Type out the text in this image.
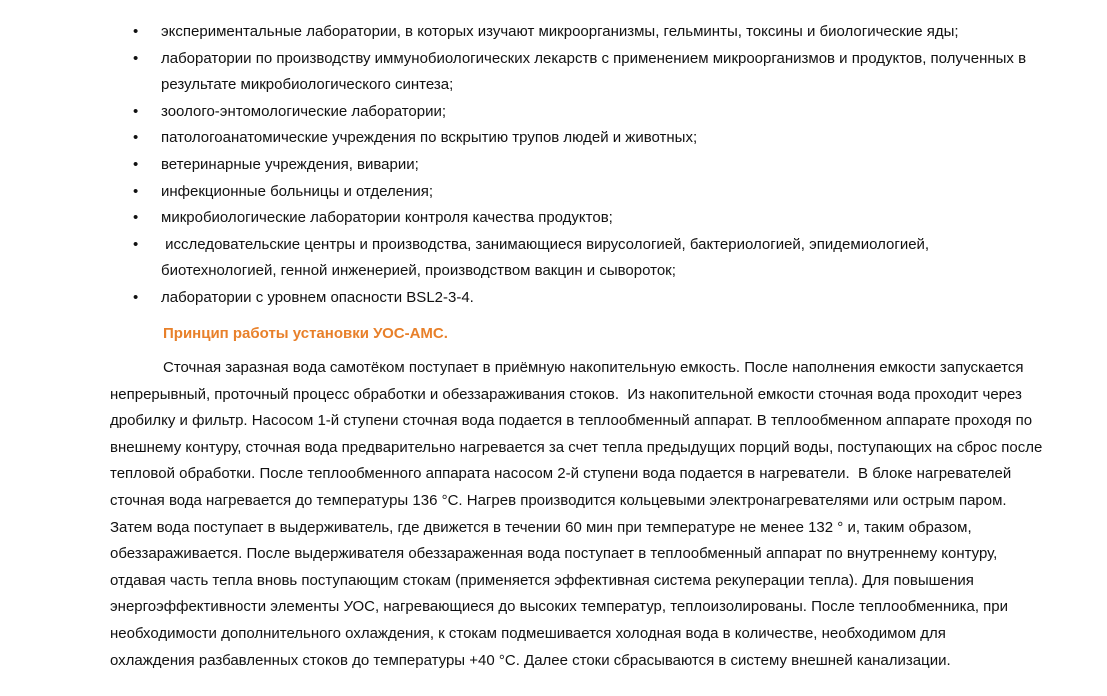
• экспериментальные лаборатории, в которых изучают микроорганизмы, гельминты, токсины и биологические яды;
• лаборатории по производству иммунобиологических лекарств с применением микроорганизмов и продуктов, полученных в
результате микробиологического синтеза;
• зоолого-энтомологические лаборатории;
• патологоанатомические учреждения по вскрытию трупов людей и животных;
• ветеринарные учреждения, виварии;
• инфекционные больницы и отделения;
• микробиологические лаборатории контроля качества продуктов;
• исследовательские центры и производства, занимающиеся вирусологией, бактериологией, эпидемиологией,
биотехнологией, генной инженерией, производством вакцин и сывороток;
• лаборатории с уровнем опасности BSL2-3-4.
Принцип работы установки УОС-АМС.
Сточная заразная вода самотёком поступает в приёмную накопительную емкость. После наполнения емкости запускается
непрерывный, проточный процесс обработки и обеззараживания стоков.  Из накопительной емкости сточная вода проходит через
дробилку и фильтр. Насосом 1-й ступени сточная вода подается в теплообменный аппарат. В теплообменном аппарате проходя по
внешнему контуру, сточная вода предварительно нагревается за счет тепла предыдущих порций воды, поступающих на сброс после
тепловой обработки. После теплообменного аппарата насосом 2-й ступени вода подается в нагреватели.  В блоке нагревателей
сточная вода нагревается до температуры 136 °С. Нагрев производится кольцевыми электронагревателями или острым паром.
Затем вода поступает в выдерживатель, где движется в течении 60 мин при температуре не менее 132 ° и, таким образом,
обеззараживается. После выдерживателя обеззараженная вода поступает в теплообменный аппарат по внутреннему контуру,
отдавая часть тепла вновь поступающим стокам (применяется эффективная система рекуперации тепла). Для повышения
энергоэффективности элементы УОС, нагревающиеся до высоких температур, теплоизолированы. После теплообменника, при
необходимости дополнительного охлаждения, к стокам подмешивается холодная вода в количестве, необходимом для
охлаждения разбавленных стоков до температуры +40 °С. Далее стоки сбрасываются в систему внешней канализации.
